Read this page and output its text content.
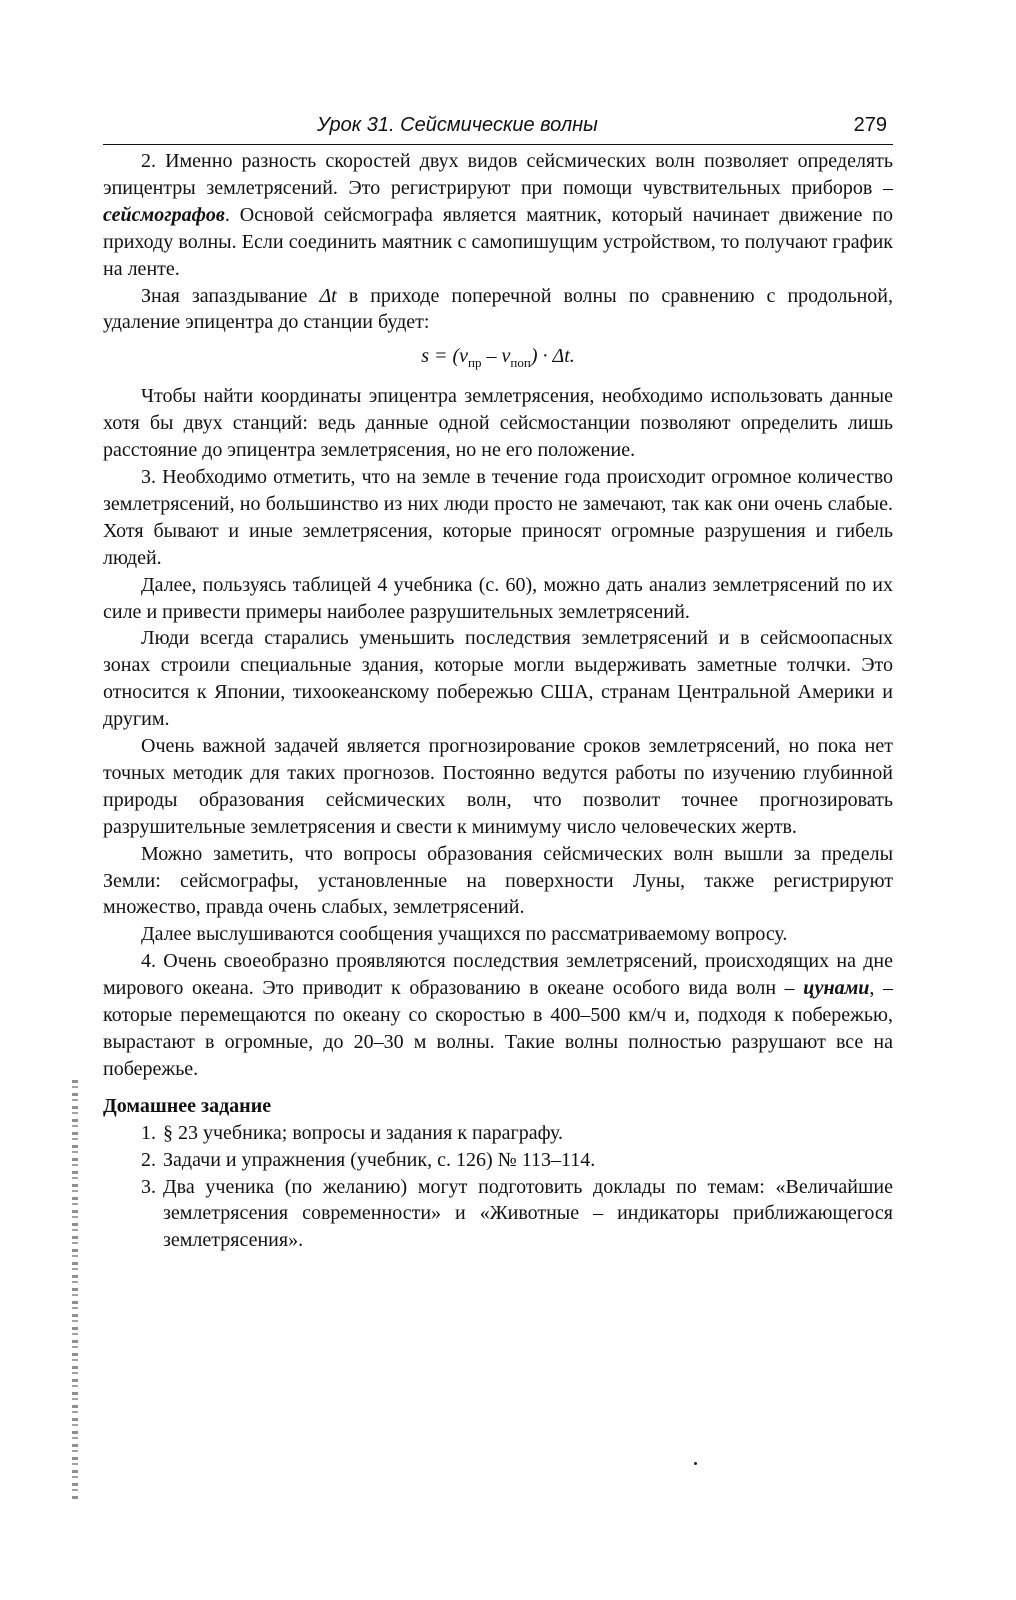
Урок 31. Сейсмические волны	279

2. Именно разность скоростей двух видов сейсмических волн позволяет определять эпицентры землетрясений. Это регистрируют при помощи чувствительных приборов – сейсмографов. Основой сейсмографа является маятник, который начинает движение по приходу волны. Если соединить маятник с самопишущим устройством, то получают график на ленте.

Зная запаздывание Δt в приходе поперечной волны по сравнению с продольной, удаление эпицентра до станции будет:

$s = (v_{пр} - v_{поп}) \cdot \Delta t$.

Чтобы найти координаты эпицентра землетрясения, необходимо использовать данные хотя бы двух станций: ведь данные одной сейсмостанции позволяют определить лишь расстояние до эпицентра землетрясения, но не его положение.

3. Необходимо отметить, что на земле в течение года происходит огромное количество землетрясений, но большинство из них люди просто не замечают, так как они очень слабые. Хотя бывают и иные землетрясения, которые приносят огромные разрушения и гибель людей.

Далее, пользуясь таблицей 4 учебника (с. 60), можно дать анализ землетрясений по их силе и привести примеры наиболее разрушительных землетрясений.

Люди всегда старались уменьшить последствия землетрясений и в сейсмоопасных зонах строили специальные здания, которые могли выдерживать заметные толчки. Это относится к Японии, тихоокеанскому побережью США, странам Центральной Америки и другим.

Очень важной задачей является прогнозирование сроков землетрясений, но пока нет точных методик для таких прогнозов. Постоянно ведутся работы по изучению глубинной природы образования сейсмических волн, что позволит точнее прогнозировать разрушительные землетрясения и свести к минимуму число человеческих жертв.

Можно заметить, что вопросы образования сейсмических волн вышли за пределы Земли: сейсмографы, установленные на поверхности Луны, также регистрируют множество, правда очень слабых, землетрясений.

Далее выслушиваются сообщения учащихся по рассматриваемому вопросу.

4. Очень своеобразно проявляются последствия землетрясений, происходящих на дне мирового океана. Это приводит к образованию в океане особого вида волн – цунами, – которые перемещаются по океану со скоростью в 400–500 км/ч и, подходя к побережью, вырастают в огромные, до 20–30 м волны. Такие волны полностью разрушают все на побережье.

Домашнее задание
1. § 23 учебника; вопросы и задания к параграфу.
2. Задачи и упражнения (учебник, с. 126) № 113–114.
3. Два ученика (по желанию) могут подготовить доклады по темам: «Величайшие землетрясения современности» и «Животные – индикаторы приближающегося землетрясения».
